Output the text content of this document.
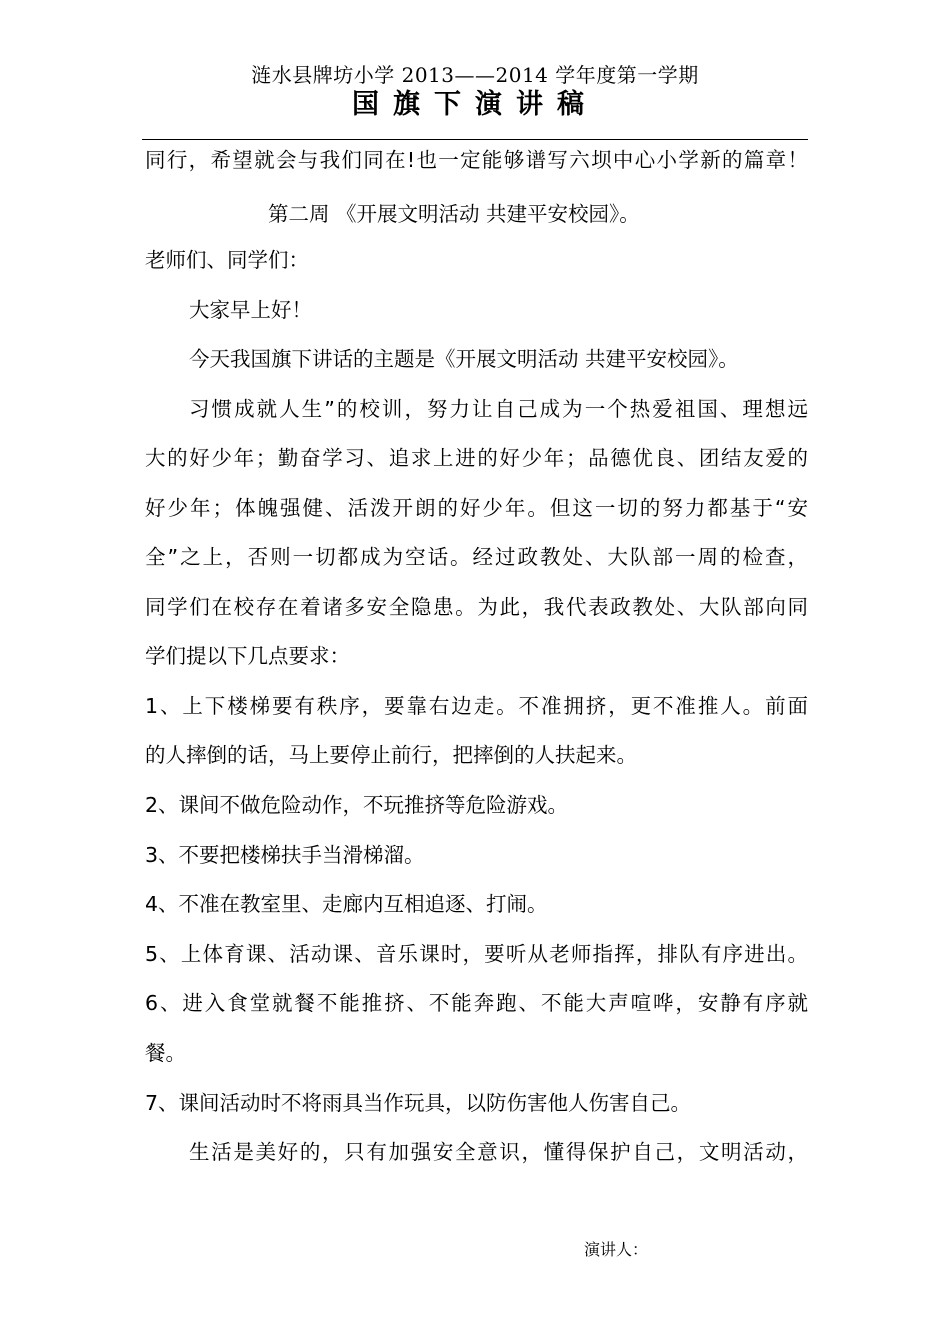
涟水县牌坊小学 2013——2014 学年度第一学期
国旗下演讲稿
同行，希望就会与我们同在!也一定能够谱写六坝中心小学新的篇章！
第二周 《开展文明活动 共建平安校园》。
老师们、同学们：
大家早上好！
今天我国旗下讲话的主题是《开展文明活动 共建平安校园》。
习惯成就人生”的校训，努力让自己成为一个热爱祖国、理想远
大的好少年；勤奋学习、追求上进的好少年；品德优良、团结友爱的
好少年；体魄强健、活泼开朗的好少年。但这一切的努力都基于“安
全”之上，否则一切都成为空话。经过政教处、大队部一周的检查，
同学们在校存在着诸多安全隐患。为此，我代表政教处、大队部向同
学们提以下几点要求：
1、上下楼梯要有秩序，要靠右边走。不准拥挤，更不准推人。前面
的人摔倒的话，马上要停止前行，把摔倒的人扶起来。
2、课间不做危险动作，不玩推挤等危险游戏。
3、不要把楼梯扶手当滑梯溜。
4、不准在教室里、走廊内互相追逐、打闹。
5、上体育课、活动课、音乐课时，要听从老师指挥，排队有序进出。
6、进入食堂就餐不能推挤、不能奔跑、不能大声喧哗，安静有序就
餐。
7、课间活动时不将雨具当作玩具，以防伤害他人伤害自己。
生活是美好的，只有加强安全意识，懂得保护自己，文明活动，
演讲人：
